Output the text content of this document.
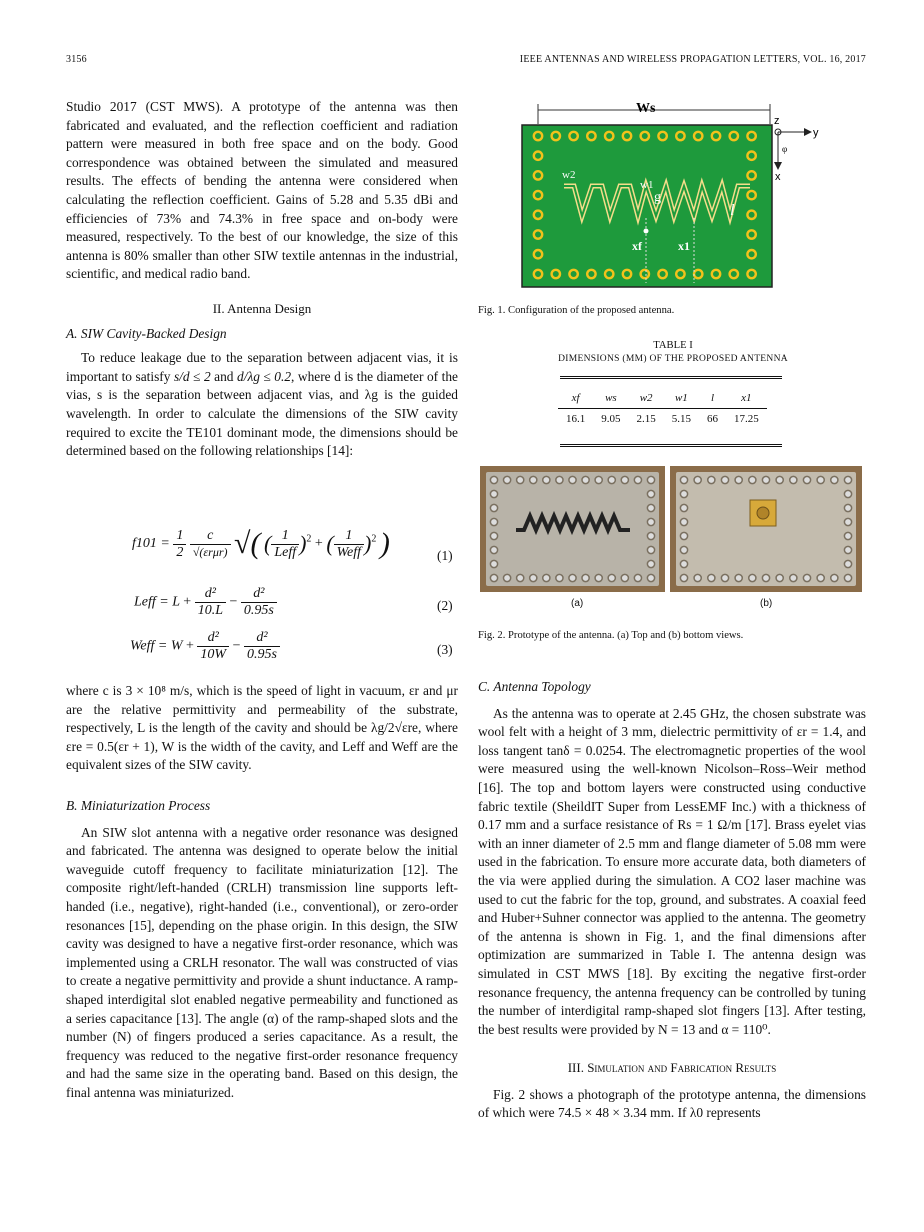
3156	IEEE ANTENNAS AND WIRELESS PROPAGATION LETTERS, VOL. 16, 2017

Studio 2017 (CST MWS). A prototype of the antenna was then fabricated and evaluated, and the reflection coefficient and radiation pattern were measured in both free space and on the body. Good correspondence was obtained between the simulated and measured results. The effects of bending the antenna were considered when calculating the reflection coefficient. Gains of 5.28 and 5.35 dBi and efficiencies of 73% and 74.3% in free space and on-body were measured, respectively. To the best of our knowledge, the size of this antenna is 80% smaller than other SIW textile antennas in the industrial, scientific, and medical radio band.

II. Antenna Design

A. SIW Cavity-Backed Design

To reduce leakage due to the separation between adjacent vias, it is important to satisfy s/d ≤ 2 and d/λg ≤ 0.2, where d is the diameter of the vias, s is the separation between adjacent vias, and λg is the guided wavelength. In order to calculate the dimensions of the SIW cavity required to excite the TE101 dominant mode, the dimensions should be determined based on the following relationships [14]:

$f101 = \frac{1}{2}$
$\frac{c}{\text{√(εrμr)}}$ √( ( $\frac{1}{\text{Leff}} )^2$ + ( $\frac{1}{\text{Weff}} )^2$ )	(1)
Leff = $L + \frac{\text{d²}}{10.L} - \frac{\text{d²}}{0.95s}$	(2)
Weff = $W + \frac{\text{d²}}{10W} - \frac{\text{d²}}{0.95s}$	(3)

where c is 3 × 10⁸ m/s, which is the speed of light in vacuum, εr and μr are the relative permittivity and permeability of the substrate, respectively, L is the length of the cavity and should be λg/2√εre, where εre = 0.5(εr + 1), W is the width of the cavity, and Leff and Weff are the equivalent sizes of the SIW cavity.

B. Miniaturization Process

An SIW slot antenna with a negative order resonance was designed and fabricated. The antenna was designed to operate below the initial waveguide cutoff frequency to facilitate miniaturization [12]. The composite right/left-handed (CRLH) transmission line supports left-handed (i.e., negative), right-handed (i.e., conventional), or zero-order resonances [15], depending on the phase origin. In this design, the SIW cavity was designed to have a negative first-order resonance, which was implemented using a CRLH resonator. The wall was constructed of vias to create a negative permittivity and provide a shunt inductance. A ramp-shaped interdigital slot enabled negative permeability and functioned as a series capacitance [13]. The angle (α) of the ramp-shaped slots and the number (N) of fingers produced a series capacitance. As a result, the frequency was reduced to the negative first-order resonance frequency and had the same size in the operating band. Based on this design, the final antenna was miniaturized.

Ws
w2
w1
g
l
xf	x1
z
y
x
φ
Fig. 1. Configuration of the proposed antenna.
TABLE I
DIMENSIONS (MM) OF THE PROPOSED ANTENNA
xf	ws	w2	w1	l	x1
16.1	9.05	2.15	5.15	66	17.25
(a)	(b)
Fig. 2. Prototype of the antenna. (a) Top and (b) bottom views.

C. Antenna Topology

As the antenna was to operate at 2.45 GHz, the chosen substrate was wool felt with a height of 3 mm, dielectric permittivity of εr = 1.4, and loss tangent tanδ = 0.0254. The electromagnetic properties of the wool were measured using the well-known Nicolson–Ross–Weir method [16]. The top and bottom layers were constructed using conductive fabric textile (SheildIT Super from LessEMF Inc.) with a thickness of 0.17 mm and a surface resistance of Rs = 1 Ω/m [17]. Brass eyelet vias with an inner diameter of 2.5 mm and flange diameter of 5.08 mm were used in the fabrication. To ensure more accurate data, both diameters of the via were applied during the simulation. A CO2 laser machine was used to cut the fabric for the top, ground, and substrates. A coaxial feed and Huber+Suhner connector was applied to the antenna. The geometry of the antenna is shown in Fig. 1, and the final dimensions after optimization are summarized in Table I. The antenna design was simulated in CST MWS [18]. By exciting the negative first-order resonance frequency, the antenna frequency can be controlled by tuning the number of interdigital ramp-shaped slot fingers [13]. After testing, the best results were provided by N = 13 and α = 110⁰.

III. Simulation and Fabrication Results

Fig. 2 shows a photograph of the prototype antenna, the dimensions of which were 74.5 × 48 × 3.34 mm. If λ0 represents
